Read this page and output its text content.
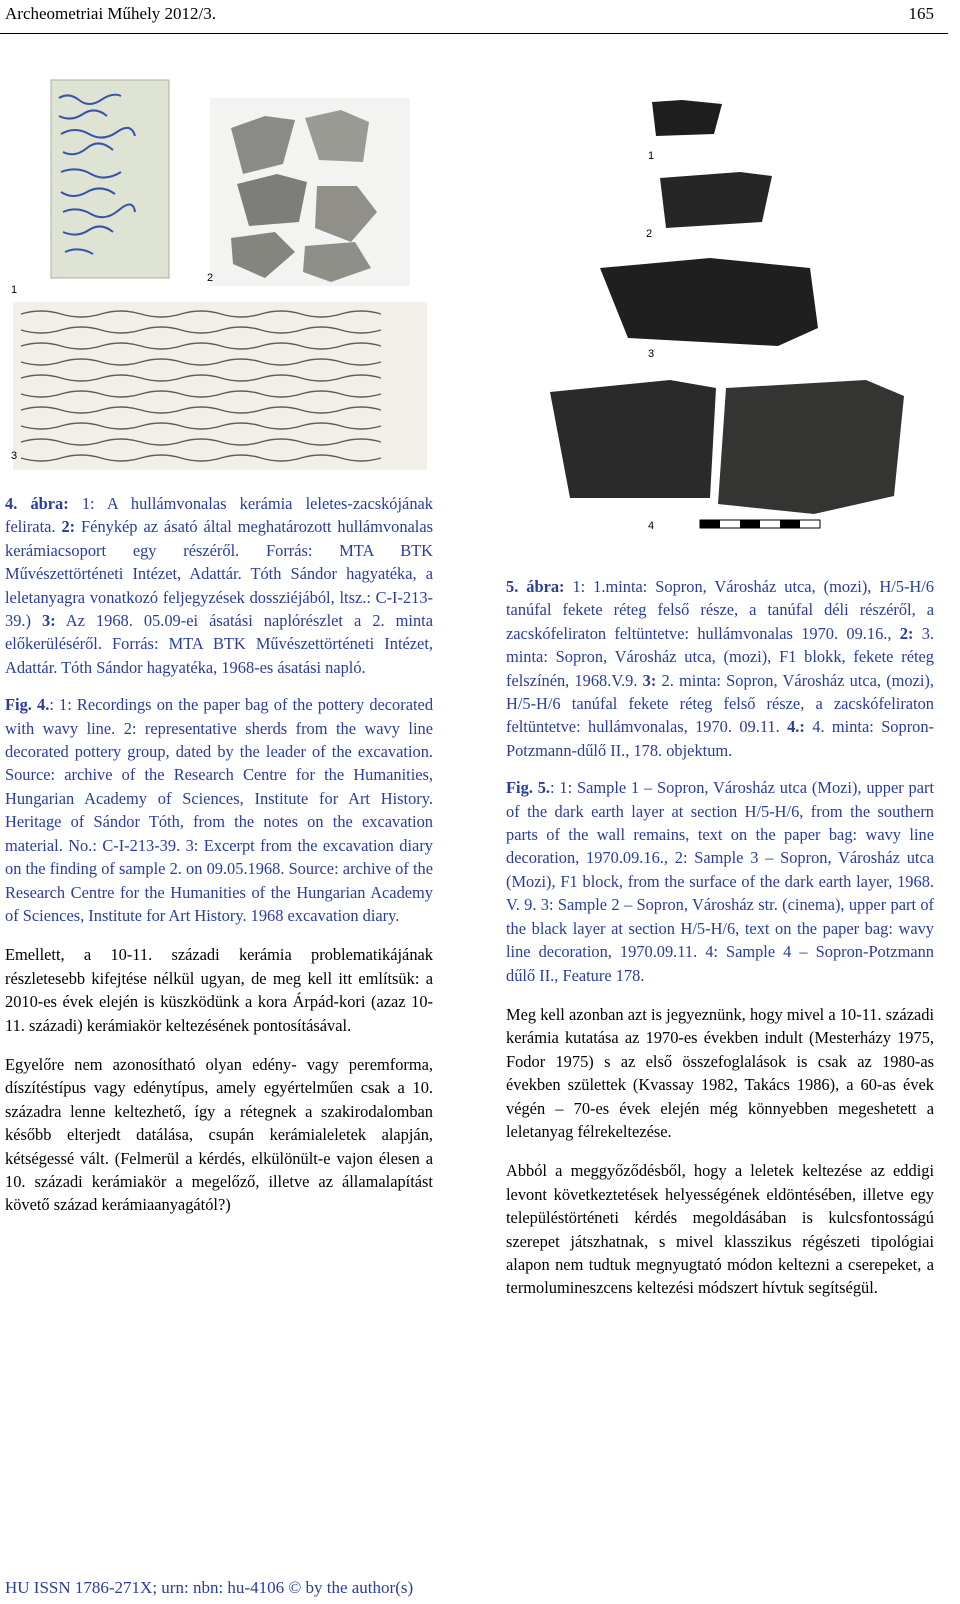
Archeometriai Műhely 2012/3.	165
1
2
3
1
2
3
4

4. ábra: 1: A hullámvonalas kerámia leletes-zacskójának felirata. 2: Fénykép az ásató által meghatározott hullámvonalas kerámiacsoport egy részéről. Forrás: MTA BTK Művészettörténeti Intézet, Adattár. Tóth Sándor hagyatéka, a leletanyagra vonatkozó feljegyzések dossziéjából, ltsz.: C-I-213-39.) 3: Az 1968. 05.09-ei ásatási naplórészlet a 2. minta előkerüléséről. Forrás: MTA BTK Művészettörténeti Intézet, Adattár. Tóth Sándor hagyatéka, 1968-es ásatási napló.

Fig. 4.: 1: Recordings on the paper bag of the pottery decorated with wavy line. 2: representative sherds from the wavy line decorated pottery group, dated by the leader of the excavation. Source: archive of the Research Centre for the Humanities, Hungarian Academy of Sciences, Institute for Art History. Heritage of Sándor Tóth, from the notes on the excavation material. No.: C-I-213-39. 3: Excerpt from the excavation diary on the finding of sample 2. on 09.05.1968. Source: archive of the Research Centre for the Humanities of the Hungarian Academy of Sciences, Institute for Art History. 1968 excavation diary.

Emellett, a 10-11. századi kerámia problematikájának részletesebb kifejtése nélkül ugyan, de meg kell itt említsük: a 2010-es évek elején is küszködünk a kora Árpád-kori (azaz 10-11. századi) kerámiakör keltezésének pontosításával.

Egyelőre nem azonosítható olyan edény- vagy peremforma, díszítéstípus vagy edénytípus, amely egyértelműen csak a 10. századra lenne keltezhető, így a rétegnek a szakirodalomban később elterjedt datálása, csupán kerámialeletek alapján, kétségessé vált. (Felmerül a kérdés, elkülönült-e vajon élesen a 10. századi kerámiakör a megelőző, illetve az államalapítást követő század kerámiaanyagától?)

5. ábra: 1: 1.minta: Sopron, Városház utca, (mozi), H/5-H/6 tanúfal fekete réteg felső része, a tanúfal déli részéről, a zacskófeliraton feltüntetve: hullámvonalas 1970. 09.16., 2: 3. minta: Sopron, Városház utca, (mozi), F1 blokk, fekete réteg felszínén, 1968.V.9. 3: 2. minta: Sopron, Városház utca, (mozi), H/5-H/6 tanúfal fekete réteg felső része, a zacskófeliraton feltüntetve: hullámvonalas, 1970. 09.11. 4.: 4. minta: Sopron-Potzmann-dűlő II., 178. objektum.

Fig. 5.: 1: Sample 1 – Sopron, Városház utca (Mozi), upper part of the dark earth layer at section H/5-H/6, from the southern parts of the wall remains, text on the paper bag: wavy line decoration, 1970.09.16., 2: Sample 3 – Sopron, Városház utca (Mozi), F1 block, from the surface of the dark earth layer, 1968. V. 9. 3: Sample 2 – Sopron, Városház str. (cinema), upper part of the black layer at section H/5-H/6, text on the paper bag: wavy line decoration, 1970.09.11. 4: Sample 4 – Sopron-Potzmann dűlő II., Feature 178.

Meg kell azonban azt is jegyeznünk, hogy mivel a 10-11. századi kerámia kutatása az 1970-es években indult (Mesterházy 1975, Fodor 1975) s az első összefoglalások is csak az 1980-as években születtek (Kvassay 1982, Takács 1986), a 60-as évek végén – 70-es évek elején még könnyebben megeshetett a leletanyag félrekeltezése.

Abból a meggyőződésből, hogy a leletek keltezése az eddigi levont következtetések helyességének eldöntésében, illetve egy településtörténeti kérdés megoldásában is kulcsfontosságú szerepet játszhatnak, s mivel klasszikus régészeti tipológiai alapon nem tudtuk megnyugtató módon keltezni a cserepeket, a termolumineszcens keltezési módszert hívtuk segítségül.

HU ISSN 1786-271X; urn: nbn: hu-4106 © by the author(s)
